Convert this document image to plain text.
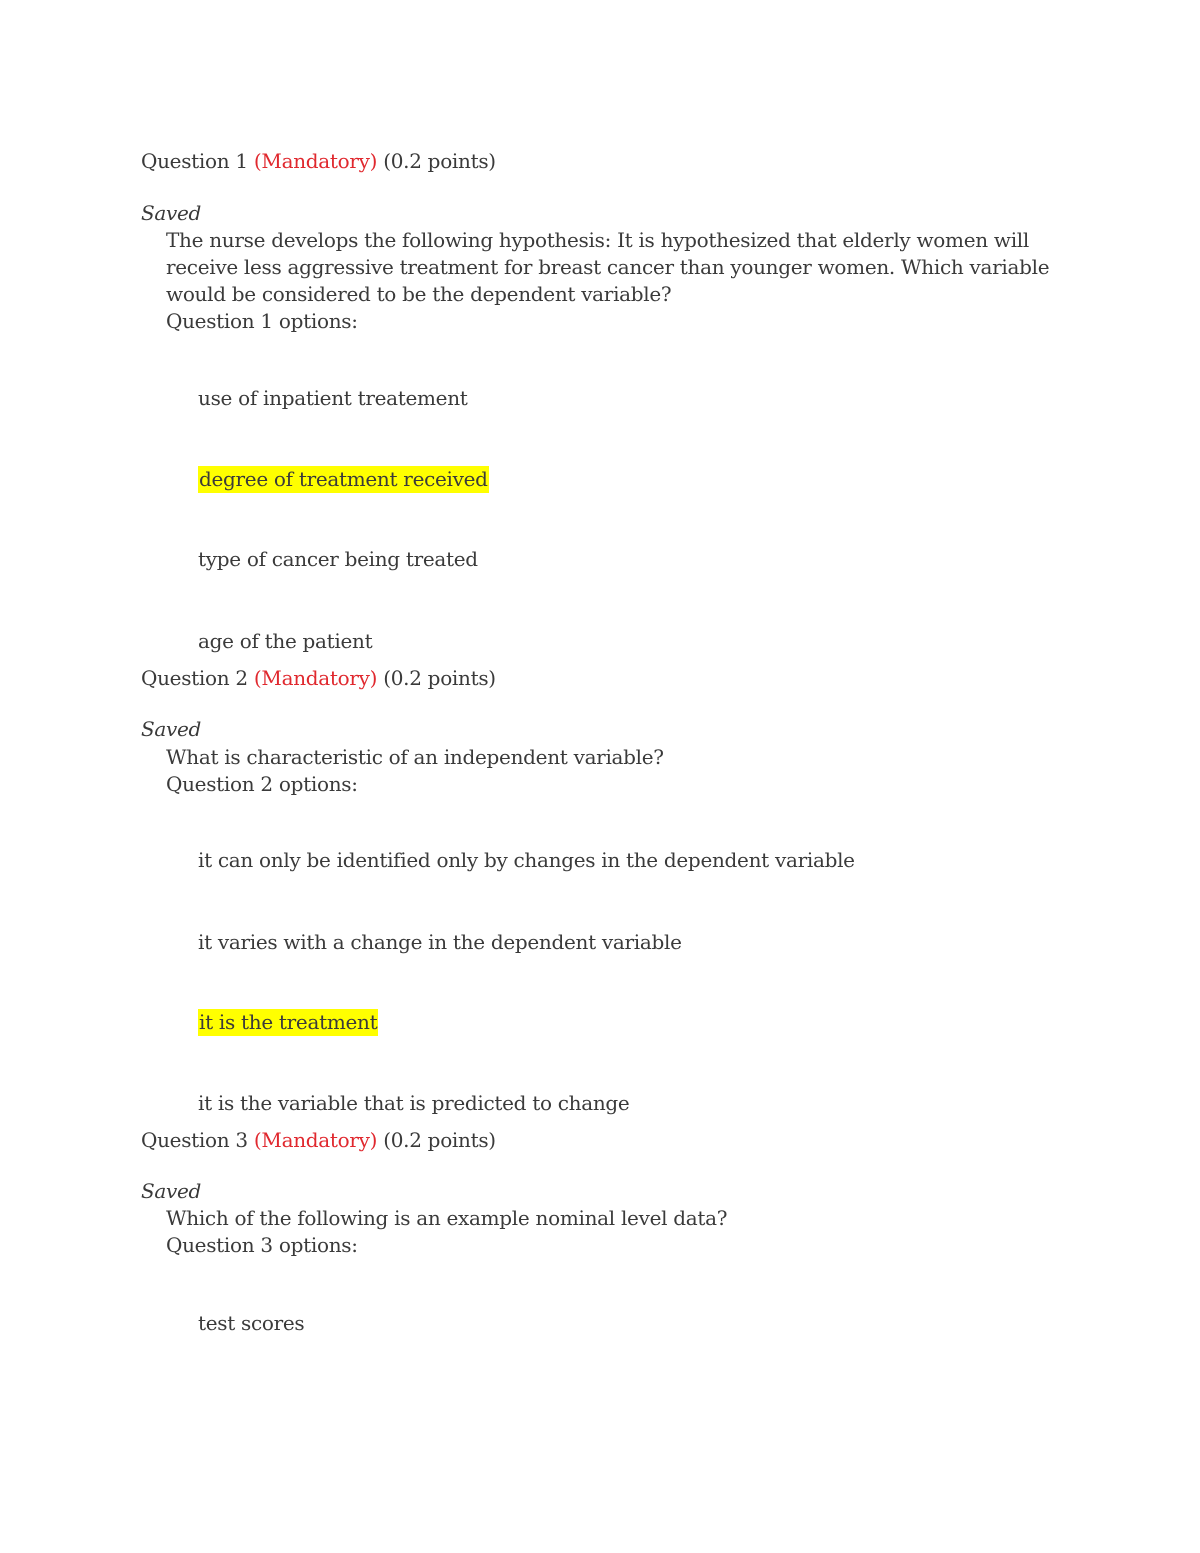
Question 1 (Mandatory) (0.2 points)
Saved
The nurse develops the following hypothesis: It is hypothesized that elderly women will
receive less aggressive treatment for breast cancer than younger women. Which variable
would be considered to be the dependent variable?
Question 1 options:
use of inpatient treatement
degree of treatment received
type of cancer being treated
age of the patient
Question 2 (Mandatory) (0.2 points)
Saved
What is characteristic of an independent variable?
Question 2 options:
it can only be identified only by changes in the dependent variable
it varies with a change in the dependent variable
it is the treatment
it is the variable that is predicted to change
Question 3 (Mandatory) (0.2 points)
Saved
Which of the following is an example nominal level data?
Question 3 options:
test scores
